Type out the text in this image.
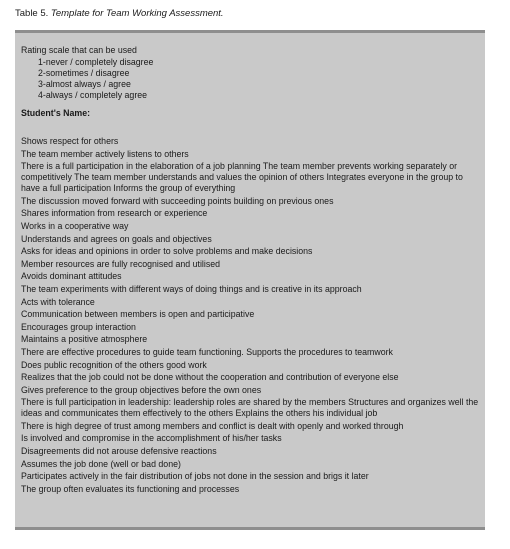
Table 5. Template for Team Working Assessment.
Rating scale that can be used
1-never / completely disagree
2-sometimes / disagree
3-almost always / agree
4-always / completely agree
Student's Name:
Shows respect for others
The team member actively listens to others
There is a full participation in the elaboration of a job planning The team member prevents working separately or competitively The team member understands and values the opinion of others Integrates everyone in the group to have a full participation Informs the group of everything
The discussion moved forward with succeeding points building on previous ones
Shares information from research or experience
Works in a cooperative way
Understands and agrees on goals and objectives
Asks for ideas and opinions in order to solve problems and make decisions
Member resources are fully recognised and utilised
Avoids dominant attitudes
The team experiments with different ways of doing things and is creative in its approach
Acts with tolerance
Communication between members is open and participative
Encourages group interaction
Maintains a positive atmosphere
There are effective procedures to guide team functioning. Supports the procedures to teamwork
Does public recognition of the others good work
Realizes that the job could not be done without the cooperation and contribution of everyone else
Gives preference to the group objectives before the own ones
There is full participation in leadership: leadership roles are shared by the members Structures and organizes well the ideas and communicates them effectively to the others Explains the others his individual job
There is high degree of trust among members and conflict is dealt with openly and worked through
Is involved and compromise in the accomplishment of his/her tasks
Disagreements did not arouse defensive reactions
Assumes the job done (well or bad done)
Participates actively in the fair distribution of jobs not done in the session and brigs it later
The group often evaluates its functioning and processes
